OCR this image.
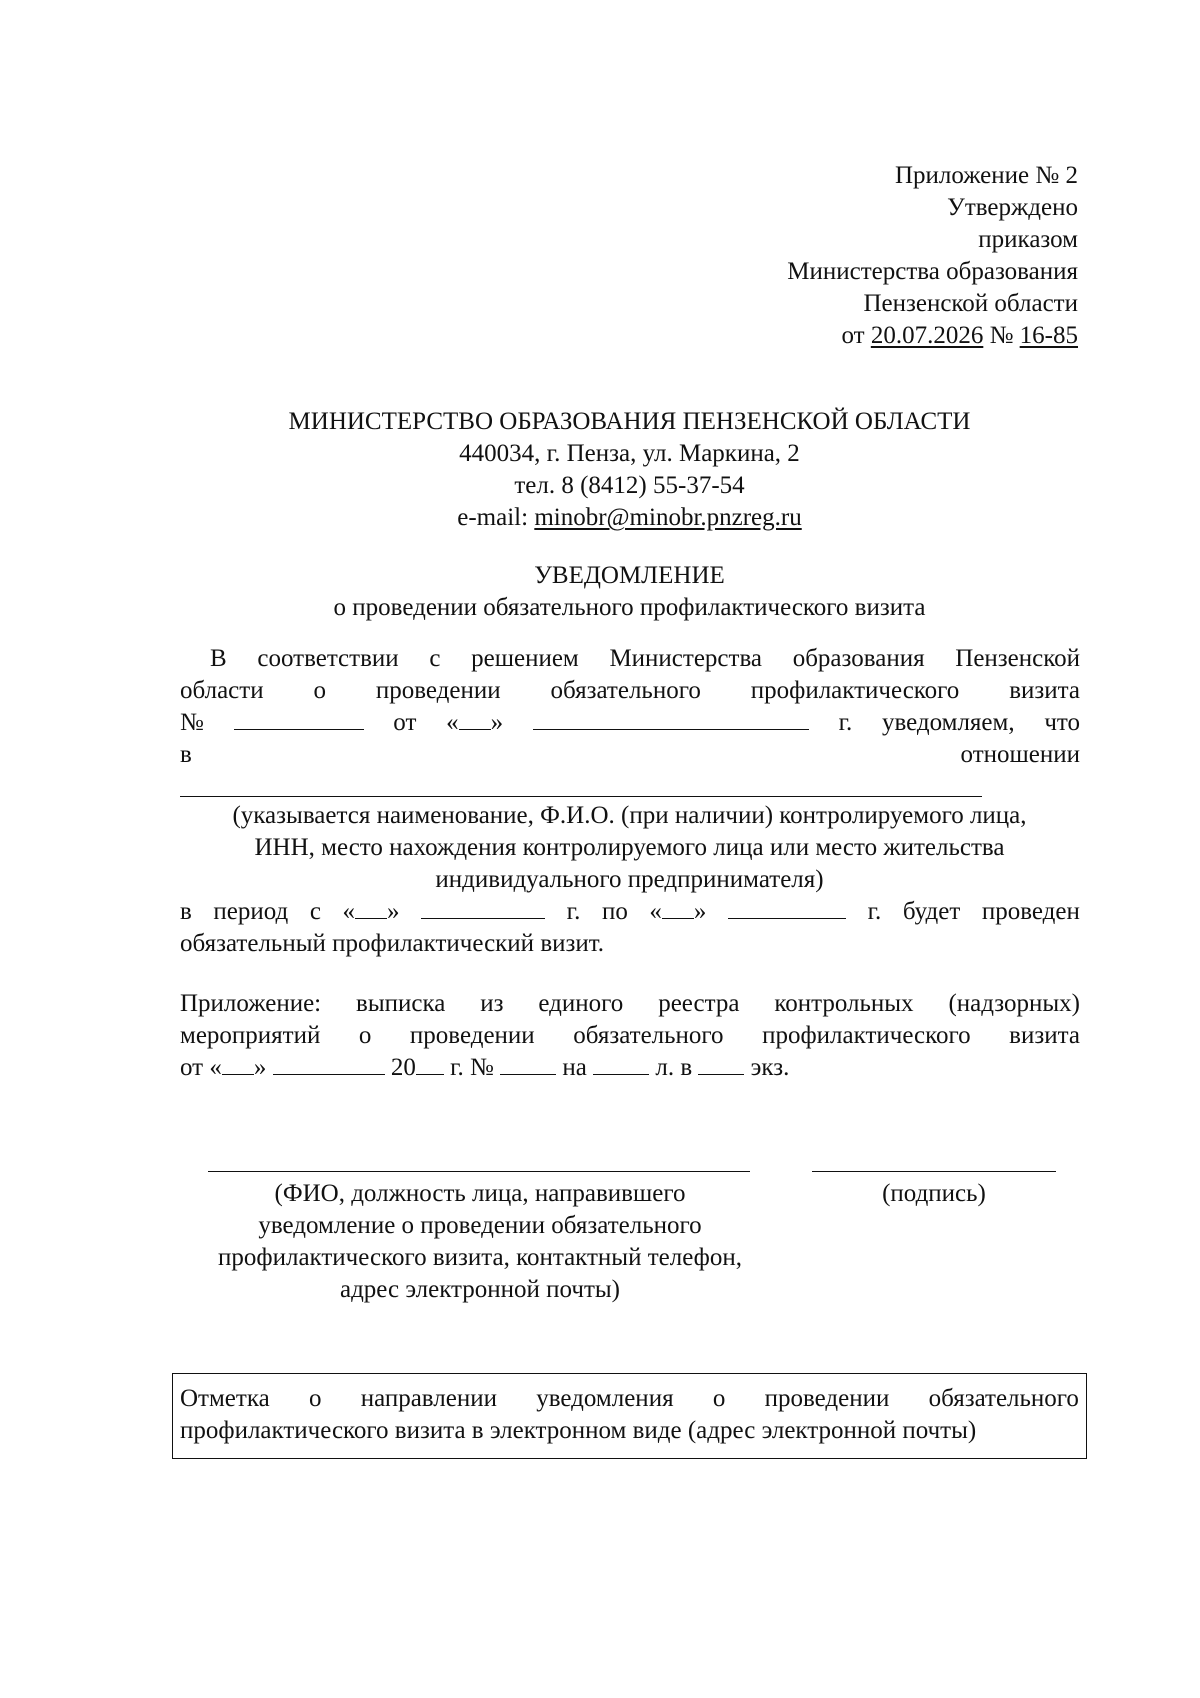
Приложение № 2
Утверждено
приказом
Министерства образования
Пензенской области
от 20.07.2026 № 16-85
МИНИСТЕРСТВО ОБРАЗОВАНИЯ ПЕНЗЕНСКОЙ ОБЛАСТИ
440034, г. Пенза, ул. Маркина, 2
тел. 8 (8412) 55-37-54
e-mail: minobr@minobr.pnzreg.ru
УВЕДОМЛЕНИЕ
о проведении обязательного профилактического визита
В соответствии с решением Министерства образования Пензенской
области о проведении обязательного профилактического визита
№	от « »	г. уведомляем, что
в	отношении
(указывается наименование, Ф.И.О. (при наличии) контролируемого лица,
ИНН, место нахождения контролируемого лица или место жительства
индивидуального предпринимателя)
в период с « »	г. по « »	г. будет проведен
обязательный профилактический визит.
Приложение: выписка из единого реестра контрольных (надзорных)
мероприятий о проведении обязательного профилактического визита
от « »	20 г. №	на	л. в экз.
(ФИО, должность лица, направившего
уведомление о проведении обязательного
профилактического визита, контактный телефон,
адрес электронной почты)
(подпись)
Отметка о направлении уведомления о проведении обязательного
профилактического визита в электронном виде (адрес электронной почты)
